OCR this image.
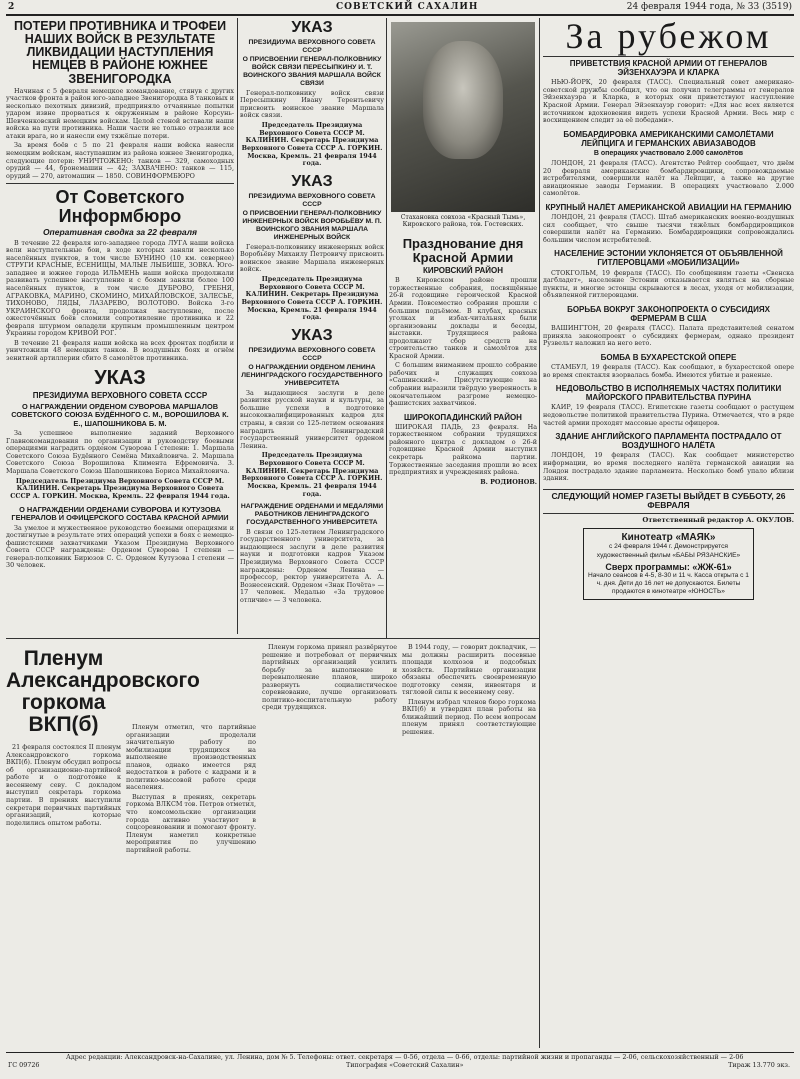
2	СОВЕТСКИЙ САХАЛИН	24 февраля 1944 года, № 33 (3519)
ПОТЕРИ ПРОТИВНИКА И ТРОФЕИ НАШИХ ВОЙСК В РЕЗУЛЬТАТЕ ЛИКВИДАЦИИ НАСТУПЛЕНИЯ НЕМЦЕВ В РАЙОНЕ ЮЖНЕЕ ЗВЕНИГОРОДКА
Начиная с 5 февраля немецкое командование, стянув с других участков фронта в район юго-западнее Звенигородка 8 танковых и несколько пехотных дивизий, предприняло отчаянные попытки ударом извне прорваться к окруженным в районе Корсунь-Шевченковский немецким войскам. Целой стеной вставали наши войска на пути противника. Наши части не только отразили все атаки врага, но и нанесли ему тяжёлые потери.
За время боёв с 5 по 21 февраля наши войска нанесли немецким войскам, наступавшим из района южнее Звенигородка, следующие потери: УНИЧТОЖЕНО: танков — 329, самоходных орудий — 44, бронемашин — 42; ЗАХВАЧЕНО: танков — 115, орудий — 270, автомашин — 1850. СОВИНФОРМБЮРО
От Советского Информбюро
Оперативная сводка за 22 февраля
В течение 22 февраля юго-западнее города ЛУГА наши войска вели наступательные бои, в ходе которых заняли несколько населённых пунктов, в том числе БУНИНО (10 км. севернее) СТРУГИ КРАСНЫЕ, ЕСЕНИЩЫ, МАЛЫЕ ЛЫБИШЕ, ЗОВКА. Юго-западнее и южнее города ИЛЬМЕНЬ наши войска продолжали развивать успешное наступление и с боями заняли более 100 населённых пунктов, в том числе ДУБРОВО, ГРЕБНЯ, АГРАКОВКА, МАРИНО, СКОМИНО, МИХАЙЛОВСКОЕ, ЗАЛЕСЬЕ, ТИХОНОВО, ЛЯДЫ, ЛАЗАРЕВО, ВОЛОТОВО. Войска 3-го УКРАИНСКОГО фронта, продолжая наступление, после ожесточённых боёв сломили сопротивление противника и 22 февраля штурмом овладели крупным промышленным центром Украины городом КРИВОЙ РОГ.
В течение 21 февраля наши войска на всех фронтах подбили и уничтожили 48 немецких танков. В воздушных боях и огнём зенитной артиллерии сбито 8 самолётов противника.
УКАЗ
ПРЕЗИДИУМА ВЕРХОВНОГО СОВЕТА СССР
О НАГРАЖДЕНИИ ОРДЕНОМ СУВОРОВА МАРШАЛОВ СОВЕТСКОГО СОЮЗА БУДЁННОГО С. М., ВОРОШИЛОВА К. Е., ШАПОШНИКОВА Б. М.
За успешное выполнение заданий Верховного Главнокомандования по организации и руководству боевыми операциями наградить орденом Суворова I степени: 1. Маршала Советского Союза Будённого Семёна Михайловича. 2. Маршала Советского Союза Ворошилова Климента Ефремовича. 3. Маршала Советского Союза Шапошникова Бориса Михайловича.
Председатель Президиума Верховного Совета СССР М. КАЛИНИН. Секретарь Президиума Верховного Совета СССР А. ГОРКИН. Москва, Кремль. 22 февраля 1944 года.
О НАГРАЖДЕНИИ ОРДЕНАМИ СУВОРОВА И КУТУЗОВА ГЕНЕРАЛОВ И ОФИЦЕРСКОГО СОСТАВА КРАСНОЙ АРМИИ
За умелое и мужественное руководство боевыми операциями и достигнутые в результате этих операций успехи в боях с немецко-фашистскими захватчиками Указом Президиума Верховного Совета СССР награждены: Орденом Суворова I степени — генерал-полковник Бирюзов С. С. Орденом Кутузова I степени — 30 человек.
УКАЗ
ПРЕЗИДИУМА ВЕРХОВНОГО СОВЕТА СССР
О ПРИСВОЕНИИ ГЕНЕРАЛ-ПОЛКОВНИКУ ВОЙСК СВЯЗИ ПЕРЕСЫПКИНУ И. Т. ВОИНСКОГО ЗВАНИЯ МАРШАЛА ВОЙСК СВЯЗИ
Генерал-полковнику войск связи Пересыпкину Ивану Терентьевичу присвоить воинское звание Маршала войск связи.
Председатель Президиума Верховного Совета СССР М. КАЛИНИН. Секретарь Президиума Верховного Совета СССР А. ГОРКИН. Москва, Кремль. 21 февраля 1944 года.
УКАЗ
ПРЕЗИДИУМА ВЕРХОВНОГО СОВЕТА СССР
О ПРИСВОЕНИИ ГЕНЕРАЛ-ПОЛКОВНИКУ ИНЖЕНЕРНЫХ ВОЙСК ВОРОБЬЁВУ М. П. ВОИНСКОГО ЗВАНИЯ МАРШАЛА ИНЖЕНЕРНЫХ ВОЙСК
Генерал-полковнику инженерных войск Воробьёву Михаилу Петровичу присвоить воинское звание Маршала инженерных войск.
Председатель Президиума Верховного Совета СССР М. КАЛИНИН. Секретарь Президиума Верховного Совета СССР А. ГОРКИН. Москва, Кремль. 21 февраля 1944 года.
УКАЗ
ПРЕЗИДИУМА ВЕРХОВНОГО СОВЕТА СССР
О НАГРАЖДЕНИИ ОРДЕНОМ ЛЕНИНА ЛЕНИНГРАДСКОГО ГОСУДАРСТВЕННОГО УНИВЕРСИТЕТА
За выдающиеся заслуги в деле развития русской науки и культуры, за большие успехи в подготовке высококвалифицированных кадров для страны, в связи со 125-летием основания наградить Ленинградский государственный университет орденом Ленина.
Председатель Президиума Верховного Совета СССР М. КАЛИНИН. Секретарь Президиума Верховного Совета СССР А. ГОРКИН. Москва, Кремль. 21 февраля 1944 года.
НАГРАЖДЕНИЕ ОРДЕНАМИ И МЕДАЛЯМИ РАБОТНИКОВ ЛЕНИНГРАДСКОГО ГОСУДАРСТВЕННОГО УНИВЕРСИТЕТА
В связи со 125-летием Ленинградского государственного университета, за выдающиеся заслуги в деле развития науки и подготовки кадров Указом Президиума Верховного Совета СССР награждены: Орденом Ленина — профессор, ректор университета А. А. Вознесенский. Орденом «Знак Почёта» — 17 человек. Медалью «За трудовое отличие» — 3 человека.
Стахановка совхоза «Красный Тымь», Кировского района, тов. Гостевских.
Празднование дня Красной Армии
КИРОВСКИЙ РАЙОН
В Кировском районе прошли торжественные собрания, посвящённые 26-й годовщине героической Красной Армии. Повсеместно собрания прошли с большим подъёмом. В клубах, красных уголках и избах-читальнях были организованы доклады и беседы, выставки. Трудящиеся района продолжают сбор средств на строительство танков и самолётов для Красной Армии.
С большим вниманием прошло собрание рабочих и служащих совхоза «Сашинский». Присутствующие на собрании выразили твёрдую уверенность в окончательном разгроме немецко-фашистских захватчиков.
ШИРОКОПАДИНСКИЙ РАЙОН
ШИРОКАЯ ПАДЬ, 23 февраля. На торжественном собрании трудящихся районного центра с докладом о 26-й годовщине Красной Армии выступил секретарь райкома партии. Торжественные заседания прошли во всех предприятиях и учреждениях района.
В. РОДИОНОВ.
За рубежом
ПРИВЕТСТВИЯ КРАСНОЙ АРМИИ ОТ ГЕНЕРАЛОВ ЭЙЗЕНХАУЭРА И КЛАРКА
НЬЮ-ЙОРК, 20 февраля (ТАСС). Специальный совет американо-советской дружбы сообщил, что он получил телеграммы от генералов Эйзенхауэра и Кларка, в которых они приветствуют наступление Красной Армии. Генерал Эйзенхауэр говорит: «Для нас всех является источником вдохновения видеть успехи Красной Армии. Весь мир с восхищением следит за её победами».
БОМБАРДИРОВКА АМЕРИКАНСКИМИ САМОЛЁТАМИ ЛЕЙПЦИГА И ГЕРМАНСКИХ АВИАЗАВОДОВ
В операциях участвовало 2.000 самолётов
ЛОНДОН, 21 февраля (ТАСС). Агентство Рейтер сообщает, что днём 20 февраля американские бомбардировщики, сопровождаемые истребителями, совершили налёт на Лейпциг, а также на другие авиационные заводы Германии. В операциях участвовало 2.000 самолётов.
КРУПНЫЙ НАЛЁТ АМЕРИКАНСКОЙ АВИАЦИИ НА ГЕРМАНИЮ
ЛОНДОН, 21 февраля (ТАСС). Штаб американских военно-воздушных сил сообщает, что свыше тысячи тяжёлых бомбардировщиков совершили налёт на Германию. Бомбардировщики сопровождались большим числом истребителей.
НАСЕЛЕНИЕ ЭСТОНИИ УКЛОНЯЕТСЯ ОТ ОБЪЯВЛЕННОЙ ГИТЛЕРОВЦАМИ «МОБИЛИЗАЦИИ»
СТОКГОЛЬМ, 19 февраля (ТАСС). По сообщениям газеты «Свенска дагбладет», население Эстонии отказывается являться на сборные пункты, и многие эстонцы скрываются в лесах, уходя от мобилизации, объявленной гитлеровцами.
БОРЬБА ВОКРУГ ЗАКОНОПРОЕКТА О СУБСИДИЯХ ФЕРМЕРАМ В США
ВАШИНГТОН, 20 февраля (ТАСС). Палата представителей сенатом приняла законопроект о субсидиях фермерам, однако президент Рузвельт наложил на него вето.
БОМБА В БУХАРЕСТСКОЙ ОПЕРЕ
СТАМБУЛ, 19 февраля (ТАСС). Как сообщают, в бухарестской опере во время спектакля взорвалась бомба. Имеются убитые и раненые.
НЕДОВОЛЬСТВО В ИСПОЛНЯЕМЫХ ЧАСТЯХ ПОЛИТИКИ МАЙОРСКОГО ПРАВИТЕЛЬСТВА ПУРИНА
КАИР, 19 февраля (ТАСС). Египетские газеты сообщают о растущем недовольстве политикой правительства Пурина. Отмечается, что в ряде частей армии проходят массовые аресты офицеров.
ЗДАНИЕ АНГЛИЙСКОГО ПАРЛАМЕНТА ПОСТРАДАЛО ОТ ВОЗДУШНОГО НАЛЁТА
ЛОНДОН, 19 февраля (ТАСС). Как сообщает министерство информации, во время последнего налёта германской авиации на Лондон пострадало здание парламента. Несколько бомб упало вблизи здания.
СЛЕДУЮЩИЙ НОМЕР ГАЗЕТЫ ВЫЙДЕТ В СУББОТУ, 26 ФЕВРАЛЯ
Ответственный редактор А. ОКУЛОВ.
Кинотеатр «МАЯК»
с 24 февраля 1944 г. Демонстрируется художественный фильм «БАБЫ РЯЗАНСКИЕ»
Сверх программы: «ЖЖ-61»
Начало сеансов в 4-5, 8-30 и 11 ч. Касса открыта с 1 ч. дня. Дети до 16 лет не допускаются. Билеты продаются в кинотеатре «ЮНОСТЬ»
Пленум Александровского горкома ВКП(б)
21 февраля состоялся II пленум Александровского горкома ВКП(б). Пленум обсудил вопросы об организационно-партийной работе и о подготовке к весеннему севу. С докладом выступил секретарь горкома партии. В прениях выступили секретари первичных партийных организаций, которые поделились опытом работы.
Пленум отметил, что партийные организации проделали значительную работу по мобилизации трудящихся на выполнение производственных планов, однако имеется ряд недостатков в работе с кадрами и в политико-массовой работе среди населения.
Выступая в прениях, секретарь горкома ВЛКСМ тов. Петров отметил, что комсомольские организации города активно участвуют в соцсоревновании и помогают фронту. Пленум наметил конкретные мероприятия по улучшению партийной работы.
Пленум горкома принял развёрнутое решение и потребовал от первичных партийных организаций усилить борьбу за выполнение и перевыполнение планов, широко развернуть социалистическое соревнование, лучше организовать политико-воспитательную работу среди трудящихся.
В 1944 году, — говорит докладчик, — мы должны расширить посевные площади колхозов и подсобных хозяйств. Партийные организации обязаны обеспечить своевременную подготовку семян, инвентаря и тягловой силы к весеннему севу.
Пленум избрал членов бюро горкома ВКП(б) и утвердил план работы на ближайший период. По всем вопросам пленум принял соответствующие решения.
Адрес редакции: Александровск-на-Сахалине, ул. Ленина, дом № 5. Телефоны: ответ. секретаря — 0-56, отдела — 0-66, отделы: партийной жизни и пропаганды — 2-06, сельскохозяйственный — 2-06
ГС 09726	Типография «Советский Сахалин»	Тираж 13.770 экз.
